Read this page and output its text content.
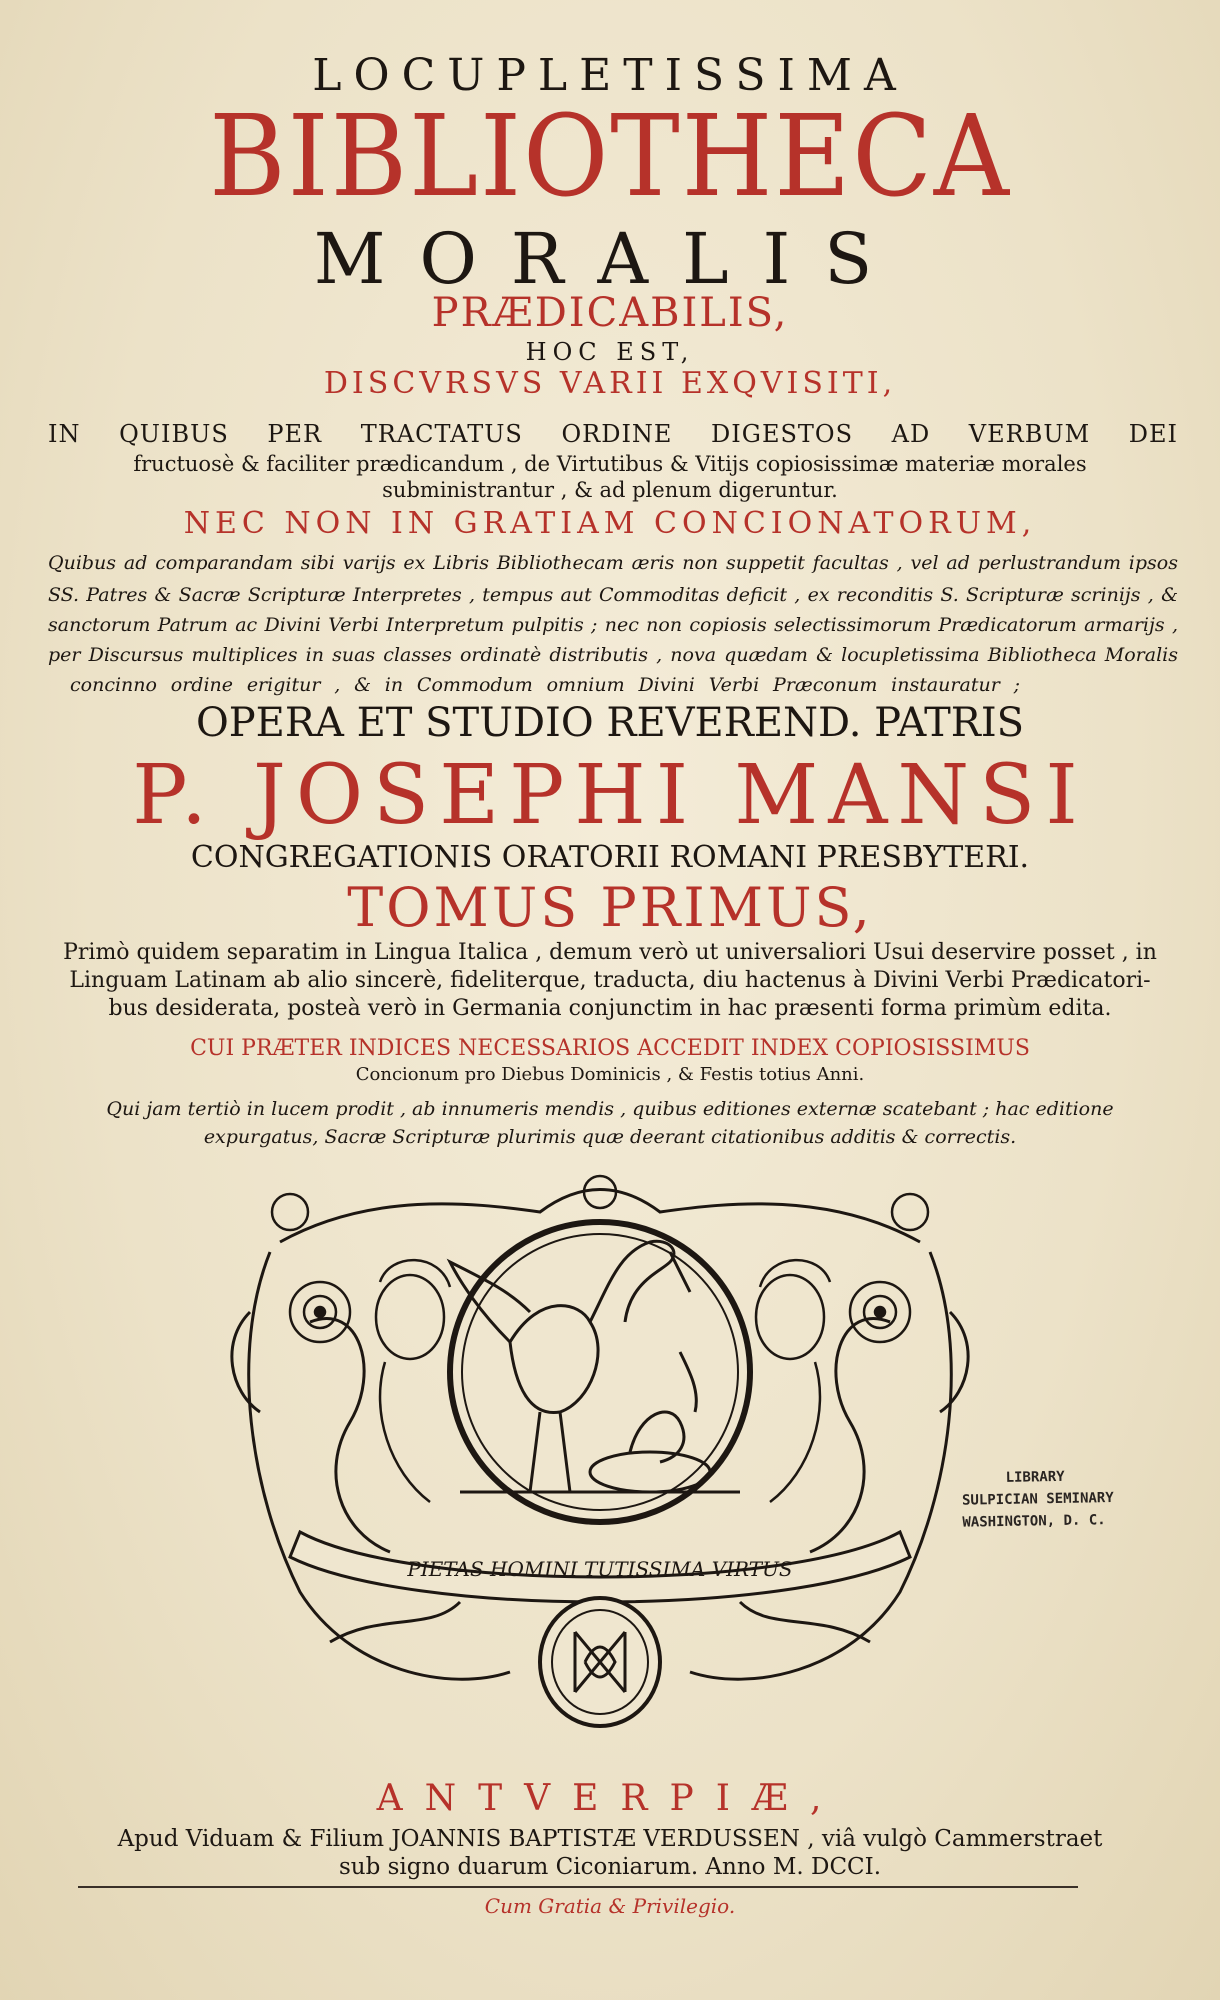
LOCUPLETISSIMA
BIBLIOTHECA
MORALIS
PRÆDICABILIS,
HOC EST,
DISCVRSVS VARII EXQVISITI,
IN QUIBUS PER TRACTATUS ORDINE DIGESTOS AD VERBUM DEI
fructuosè & faciliter prædicandum , de Virtutibus & Vitijs copiosissimæ materiæ morales
subministrantur , & ad plenum digeruntur.
NEC NON IN GRATIAM CONCIONATORUM,
Quibus ad comparandam sibi varijs ex Libris Bibliothecam æris non suppetit facultas , vel ad perlustrandum ipsos
SS. Patres & Sacræ Scripturæ Interpretes , tempus aut Commoditas deficit , ex reconditis S. Scripturæ scrinijs , &
sanctorum Patrum ac Divini Verbi Interpretum pulpitis ; nec non copiosis selectissimorum Prædicatorum armarijs ,
per Discursus multiplices in suas classes ordinatè distributis , nova quædam & locupletissima Bibliotheca Moralis
concinno ordine erigitur , & in Commodum omnium Divini Verbi Præconum instauratur ;
OPERA ET STUDIO REVEREND. PATRIS
P. JOSEPHI MANSI
CONGREGATIONIS ORATORII ROMANI PRESBYTERI.
TOMUS PRIMUS,
Primò quidem separatim in Lingua Italica , demum verò ut universaliori Usui deservire posset , in
Linguam Latinam ab alio sincerè, fideliterque, traducta, diu hactenus à Divini Verbi Prædicatori-
bus desiderata, posteà verò in Germania conjunctim in hac præsenti forma primùm edita.
CUI PRÆTER INDICES NECESSARIOS ACCEDIT INDEX COPIOSISSIMUS
Concionum pro Diebus Dominicis , & Festis totius Anni.
Qui jam tertiò in lucem prodit , ab innumeris mendis , quibus editiones externæ scatebant ; hac editione
expurgatus, Sacræ Scripturæ plurimis quæ deerant citationibus additis & correctis.
PIETAS HOMINI TUTISSIMA VIRTUS
LIBRARY
SULPICIAN SEMINARY
WASHINGTON, D. C.
ANTVERPIÆ,
Apud Viduam & Filium JOANNIS BAPTISTÆ VERDUSSEN , viâ vulgò Cammerstraet
sub signo duarum Ciconiarum. Anno M. DCCI.
Cum Gratia & Privilegio.
